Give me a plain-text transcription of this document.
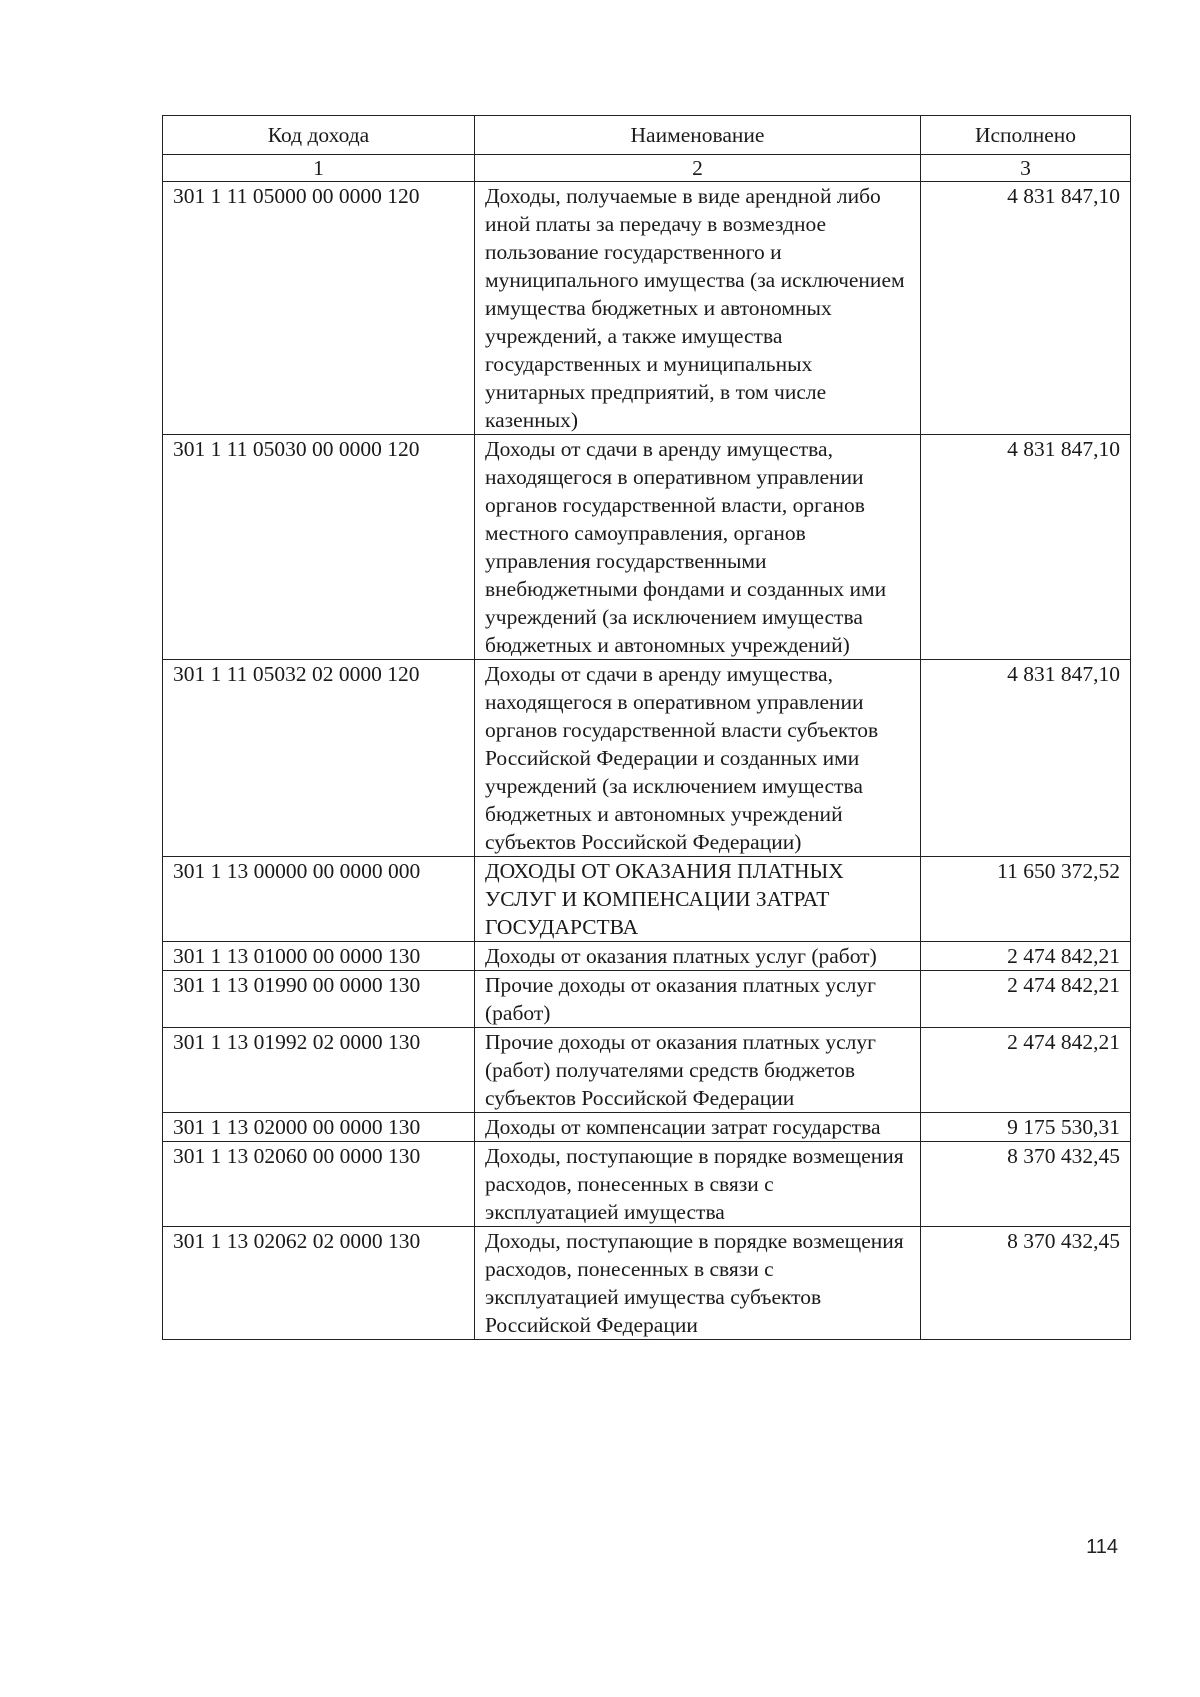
Код дохода	Наименование	Исполнено
1	2	3
301 1 11 05000 00 0000 120	Доходы, получаемые в виде арендной либо иной платы за передачу в возмездное пользование государственного и муниципального имущества (за исключением имущества бюджетных и автономных учреждений, а также имущества государственных и муниципальных унитарных предприятий, в том числе казенных)	4 831 847,10
301 1 11 05030 00 0000 120	Доходы от сдачи в аренду имущества, находящегося в оперативном управлении органов государственной власти, органов местного самоуправления, органов управления государственными внебюджетными фондами и созданных ими учреждений (за исключением имущества бюджетных и автономных учреждений)	4 831 847,10
301 1 11 05032 02 0000 120	Доходы от сдачи в аренду имущества, находящегося в оперативном управлении органов государственной власти субъектов Российской Федерации и созданных ими учреждений (за исключением имущества бюджетных и автономных учреждений субъектов Российской Федерации)	4 831 847,10
301 1 13 00000 00 0000 000	ДОХОДЫ ОТ ОКАЗАНИЯ ПЛАТНЫХ УСЛУГ И КОМПЕНСАЦИИ ЗАТРАТ ГОСУДАРСТВА	11 650 372,52
301 1 13 01000 00 0000 130	Доходы от оказания платных услуг (работ)	2 474 842,21
301 1 13 01990 00 0000 130	Прочие доходы от оказания платных услуг (работ)	2 474 842,21
301 1 13 01992 02 0000 130	Прочие доходы от оказания платных услуг (работ) получателями средств бюджетов субъектов Российской Федерации	2 474 842,21
301 1 13 02000 00 0000 130	Доходы от компенсации затрат государства	9 175 530,31
301 1 13 02060 00 0000 130	Доходы, поступающие в порядке возмещения расходов, понесенных в связи с эксплуатацией имущества	8 370 432,45
301 1 13 02062 02 0000 130	Доходы, поступающие в порядке возмещения расходов, понесенных в связи с эксплуатацией имущества субъектов Российской Федерации	8 370 432,45
114
